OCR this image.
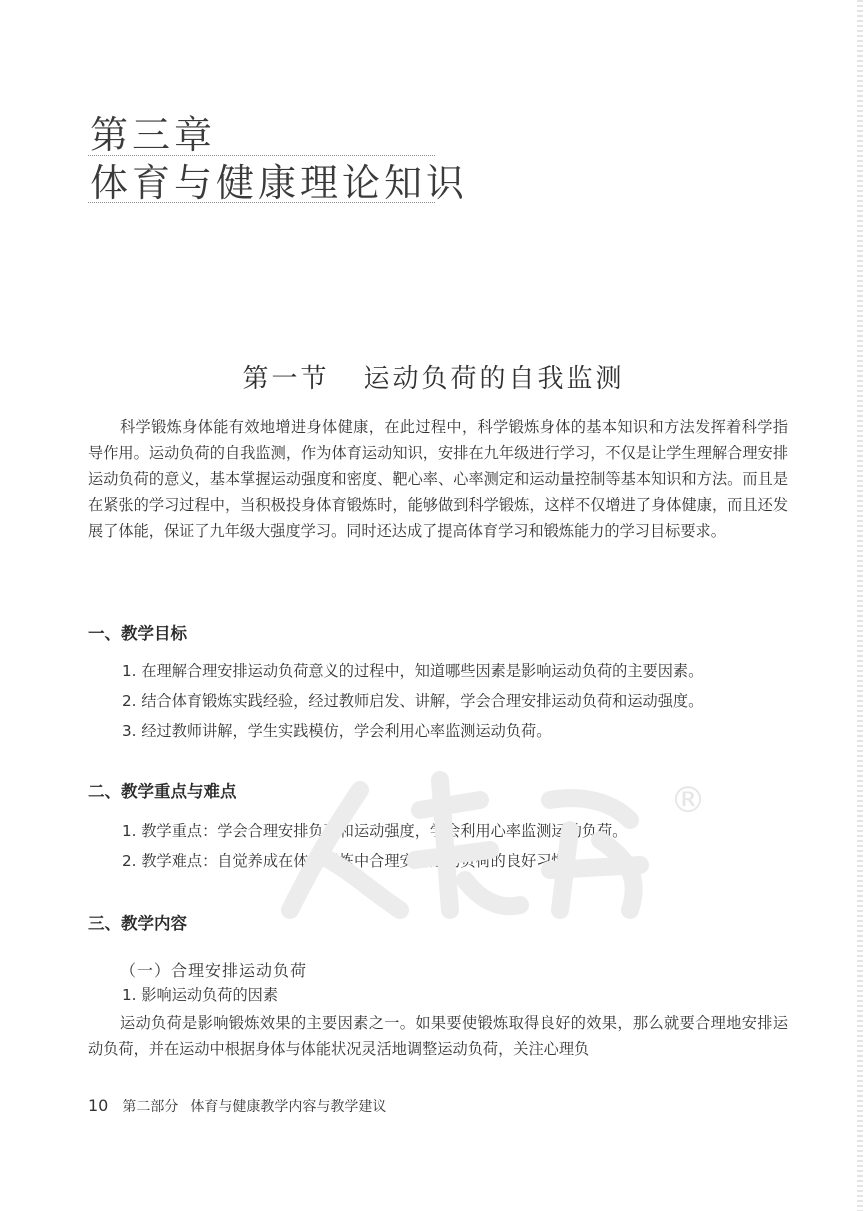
第三章
体育与健康理论知识
第一节 运动负荷的自我监测
科学锻炼身体能有效地增进身体健康，在此过程中，科学锻炼身体的基本知识和方法发挥着科学指导作用。运动负荷的自我监测，作为体育运动知识，安排在九年级进行学习，不仅是让学生理解合理安排运动负荷的意义，基本掌握运动强度和密度、靶心率、心率测定和运动量控制等基本知识和方法。而且是在紧张的学习过程中，当积极投身体育锻炼时，能够做到科学锻炼，这样不仅增进了身体健康，而且还发展了体能，保证了九年级大强度学习。同时还达成了提高体育学习和锻炼能力的学习目标要求。
一、教学目标
1. 在理解合理安排运动负荷意义的过程中，知道哪些因素是影响运动负荷的主要因素。
2. 结合体育锻炼实践经验，经过教师启发、讲解，学会合理安排运动负荷和运动强度。
3. 经过教师讲解，学生实践模仿，学会利用心率监测运动负荷。
二、教学重点与难点
1. 教学重点：学会合理安排负荷和运动强度，学会利用心率监测运动负荷。
2. 教学难点：自觉养成在体育锻炼中合理安排运动负荷的良好习惯。
三、教学内容
（一）合理安排运动负荷
1. 影响运动负荷的因素
运动负荷是影响锻炼效果的主要因素之一。如果要使锻炼取得良好的效果，那么就要合理地安排运动负荷，并在运动中根据身体与体能状况灵活地调整运动负荷，关注心理负
10 第二部分 体育与健康教学内容与教学建议
®
